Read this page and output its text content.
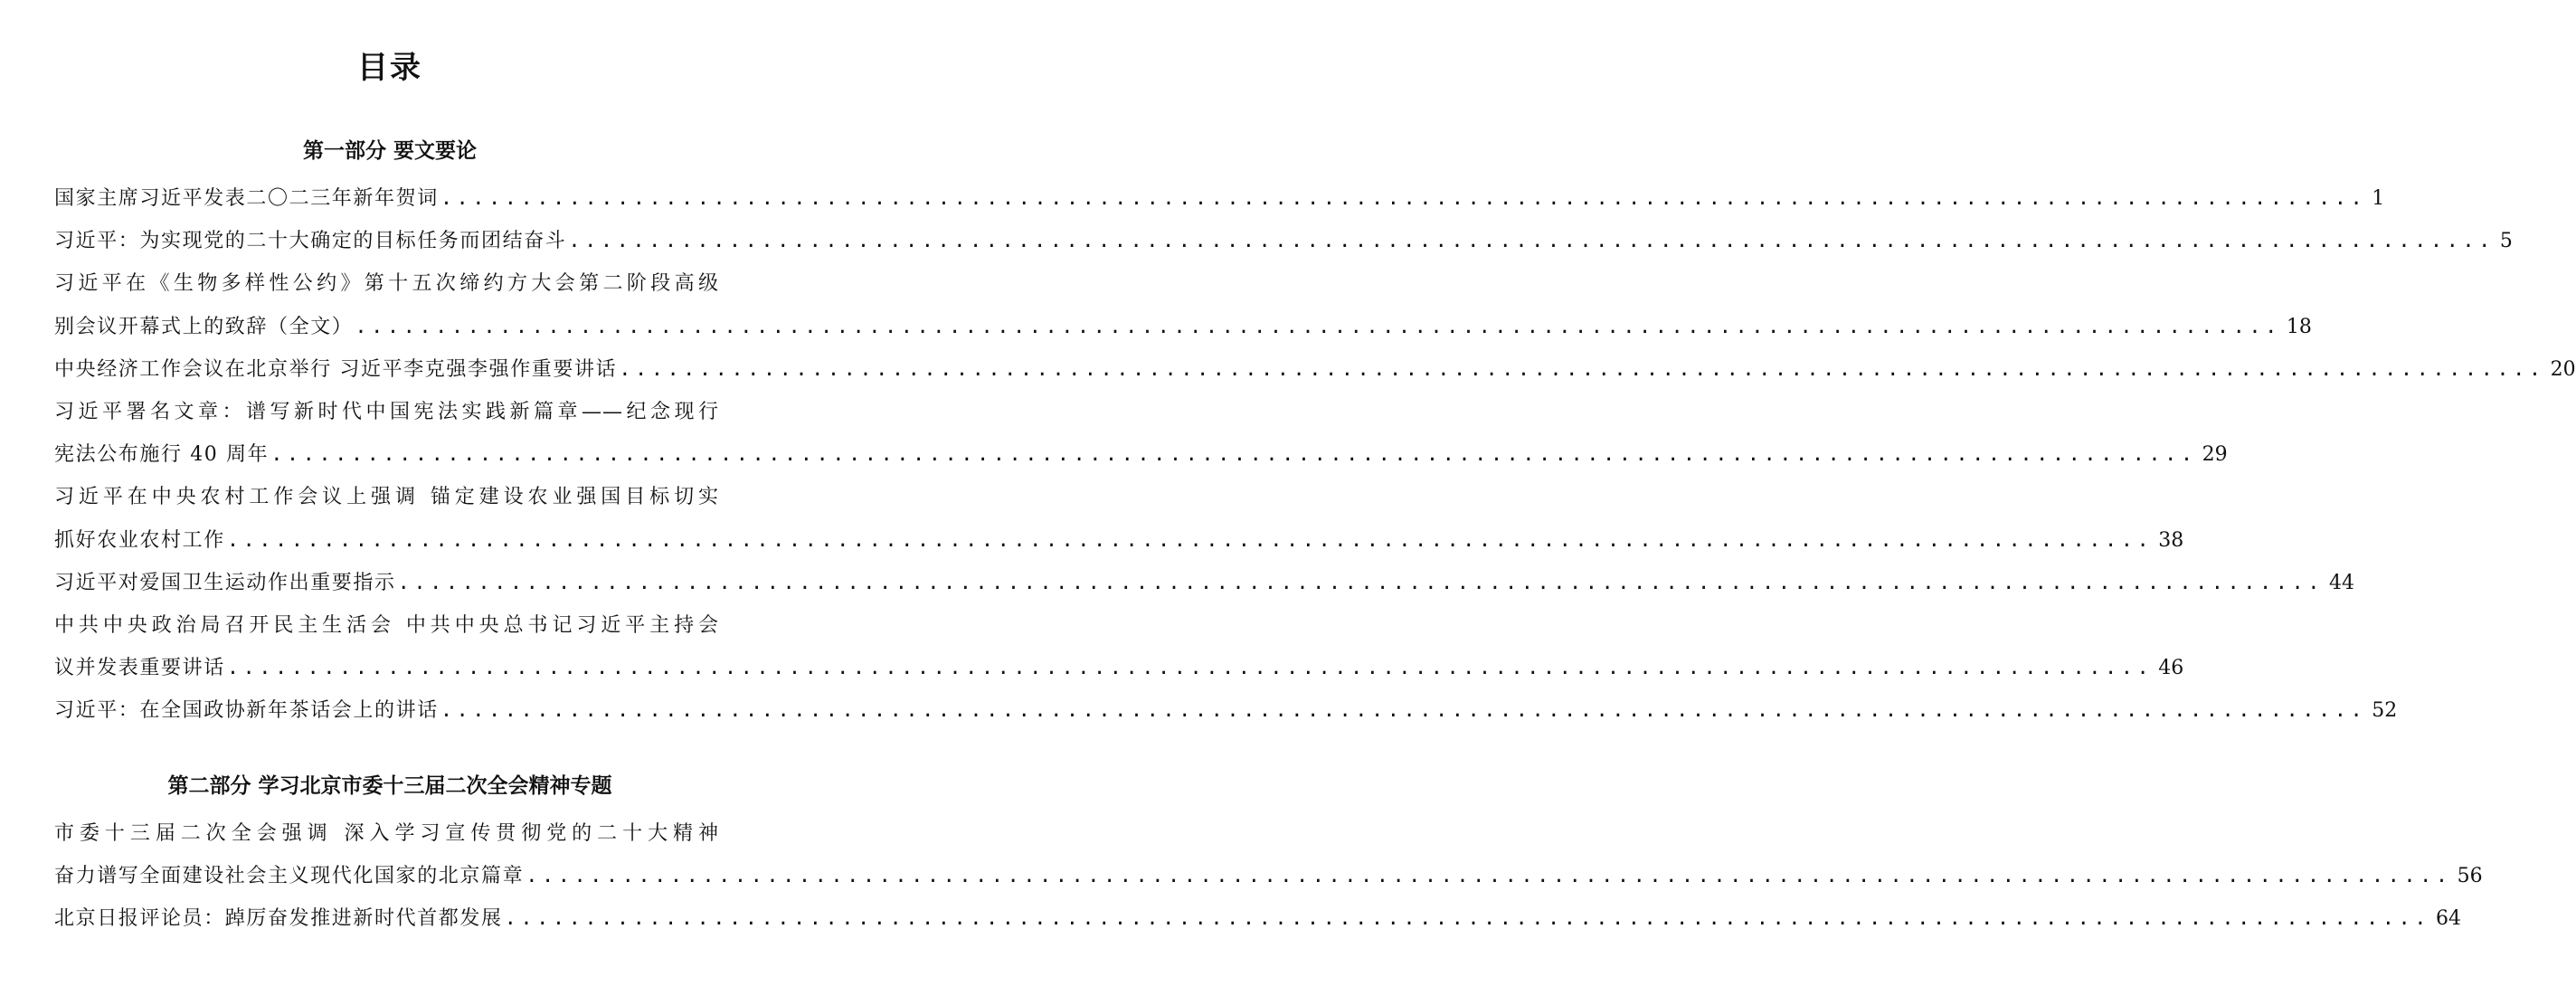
目录
第一部分 要文要论
国家主席习近平发表二〇二三年新年贺词 ........................................................................................................................ 1
习近平：为实现党的二十大确定的目标任务而团结奋斗 ........................................................................................................................ 5
习近平在《生物多样性公约》第十五次缔约方大会第二阶段高级
别会议开幕式上的致辞（全文） ........................................................................................................................ 18
中央经济工作会议在北京举行 习近平李克强李强作重要讲话 ........................................................................................................................ 20
习近平署名文章：谱写新时代中国宪法实践新篇章——纪念现行
宪法公布施行 40 周年 ........................................................................................................................ 29
习近平在中央农村工作会议上强调 锚定建设农业强国目标切实
抓好农业农村工作 ........................................................................................................................ 38
习近平对爱国卫生运动作出重要指示 ........................................................................................................................ 44
中共中央政治局召开民主生活会 中共中央总书记习近平主持会
议并发表重要讲话 ........................................................................................................................ 46
习近平：在全国政协新年茶话会上的讲话 ........................................................................................................................ 52
第二部分 学习北京市委十三届二次全会精神专题
市委十三届二次全会强调 深入学习宣传贯彻党的二十大精神
奋力谱写全面建设社会主义现代化国家的北京篇章 ........................................................................................................................ 56
北京日报评论员：踔厉奋发推进新时代首都发展 ........................................................................................................................ 64
